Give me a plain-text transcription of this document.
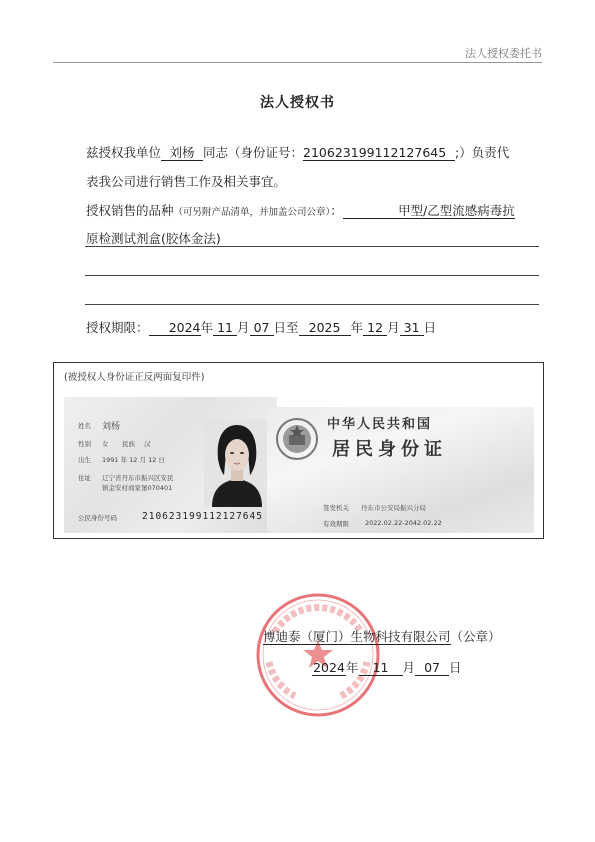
法人授权委托书
法人授权书
兹授权我单位 刘杨 同志（身份证号：210623199112127645 ;）负责代
表我公司进行销售工作及相关事宜。
授权销售的品种（可另附产品清单，并加盖公司公章）：	甲型/乙型流感病毒抗
原检测试剂盒(胶体金法)
授权期限： 2024年 11 月 07 日至 2025 年 12 月 31 日
(被授权人身份证正反两面复印件)
姓名 刘杨
性别 女 民族 汉
出生 1991 年 12 月 12 日
住址 辽宁省丹东市振兴区安民
镇金安村商家堡070401
公民身份号码	210623199112127645
中华人民共和国
居民身份证
签发机关 丹东市公安局振兴分局
有效期限 2022.02.22-2042.02.22
博迪泰（厦门）生物科技有限公司（公章）
2024年 11 月 07 日
